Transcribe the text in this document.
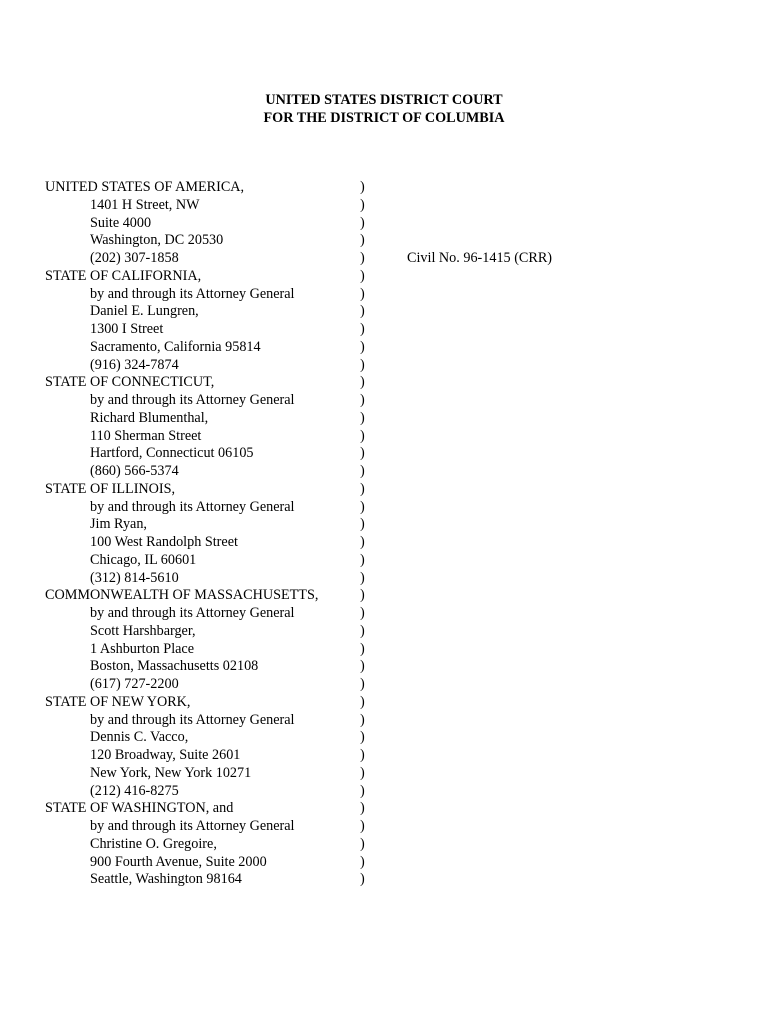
UNITED STATES DISTRICT COURT
FOR THE DISTRICT OF COLUMBIA
UNITED STATES OF AMERICA,	)
1401 H Street, NW	)
Suite 4000	)
Washington, DC 20530	)
(202) 307-1858	)	Civil No. 96-1415 (CRR)
STATE OF CALIFORNIA,	)
by and through its Attorney General	)
Daniel E. Lungren,	)
1300 I Street	)
Sacramento, California 95814	)
(916) 324-7874	)
STATE OF CONNECTICUT,	)
by and through its Attorney General	)
Richard Blumenthal,	)
110 Sherman Street	)
Hartford, Connecticut 06105	)
(860) 566-5374	)
STATE OF ILLINOIS,	)
by and through its Attorney General	)
Jim Ryan,	)
100 West Randolph Street	)
Chicago, IL 60601	)
(312) 814-5610	)
COMMONWEALTH OF MASSACHUSETTS,	)
by and through its Attorney General	)
Scott Harshbarger,	)
1 Ashburton Place	)
Boston, Massachusetts 02108	)
(617) 727-2200	)
STATE OF NEW YORK,	)
by and through its Attorney General	)
Dennis C. Vacco,	)
120 Broadway, Suite 2601	)
New York, New York 10271	)
(212) 416-8275	)
STATE OF WASHINGTON, and	)
by and through its Attorney General	)
Christine O. Gregoire,	)
900 Fourth Avenue, Suite 2000	)
Seattle, Washington 98164	)
